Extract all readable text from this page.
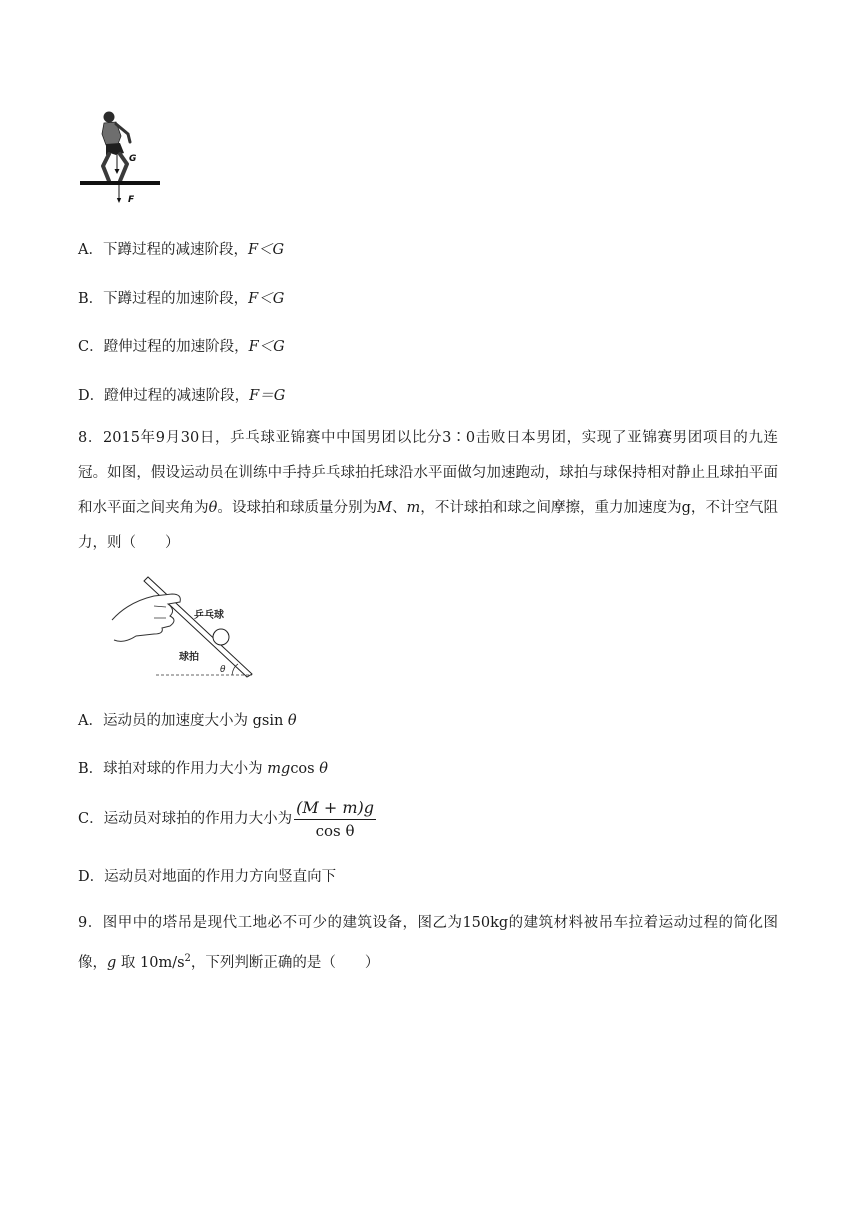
G
F
A．下蹲过程的减速阶段，F＜G
B．下蹲过程的加速阶段，F＜G
C．蹬伸过程的加速阶段，F＜G
D．蹬伸过程的减速阶段，F＝G
8．2015年9月30日，乒乓球亚锦赛中中国男团以比分3∶0击败日本男团，实现了亚锦赛男团项目的九连冠。如图，假设运动员在训练中手持乒乓球拍托球沿水平面做匀加速跑动，球拍与球保持相对静止且球拍平面和水平面之间夹角为θ。设球拍和球质量分别为M、m，不计球拍和球之间摩擦，重力加速度为g，不计空气阻力，则（　　）
乒乓球
球拍
θ
A．运动员的加速度大小为 gsin θ
B．球拍对球的作用力大小为 mgcos θ
C．运动员对球拍的作用力大小为 $\frac{(M + m)g}{\text{cos θ}}$
D．运动员对地面的作用力方向竖直向下
9．图甲中的塔吊是现代工地必不可少的建筑设备，图乙为150kg的建筑材料被吊车拉着运动过程的简化图像，g 取 $10m/s^2$，下列判断正确的是（　　）
